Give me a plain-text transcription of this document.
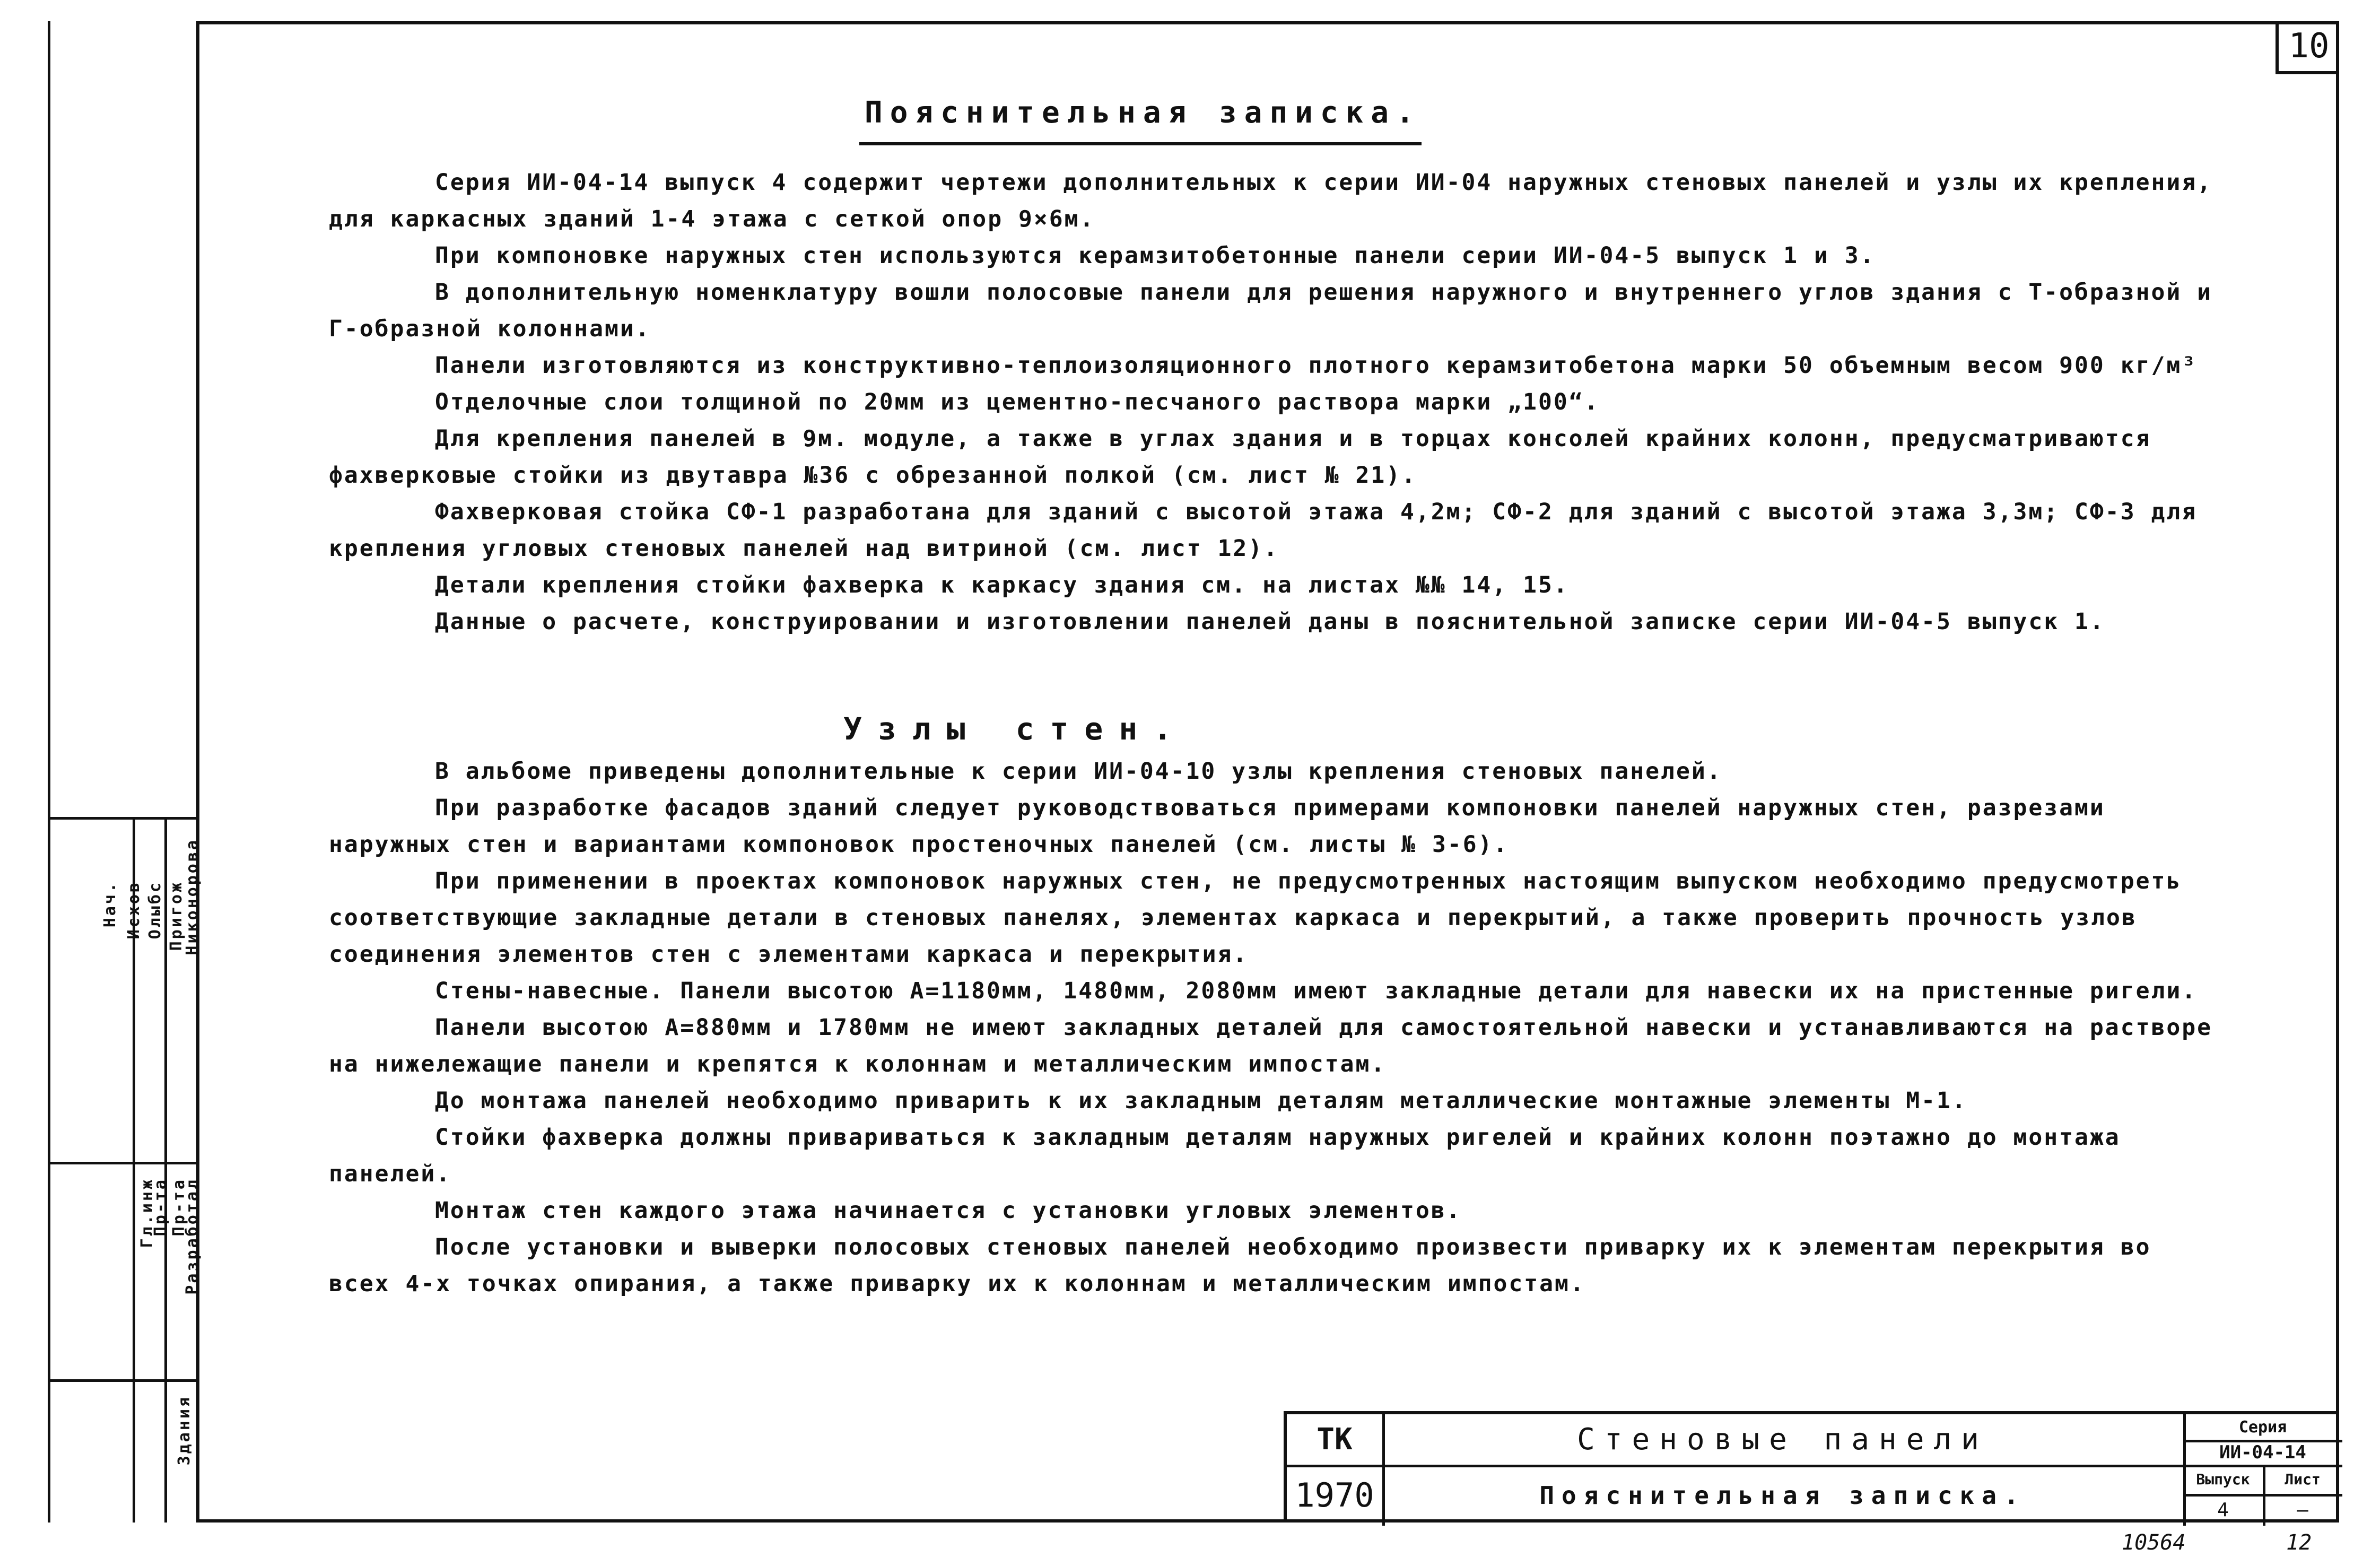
Нач. Исхов Олыбс Пригож
Никонорова
Гл.инж
Пр-та Пр-та
Разработал
Здания
10
Пояснительная записка.

Серия ИИ-04-14 выпуск 4 содержит чертежи дополнительных к серии ИИ-04 наружных стеновых панелей и узлы их крепления, для каркасных зданий 1-4 этажа с сеткой опор 9×6м.

При компоновке наружных стен используются керамзитобетонные панели серии ИИ-04-5 выпуск 1 и 3.

В дополнительную номенклатуру вошли полосовые панели для решения наружного и внутреннего углов здания с Т-образной и Г-образной колоннами.

Панели изготовляются из конструктивно-теплоизоляционного плотного керамзитобетона марки 50 объемным весом 900 кг/м³

Отделочные слои толщиной по 20мм из цементно-песчаного раствора марки „100“.

Для крепления панелей в 9м. модуле, а также в углах здания и в торцах консолей крайних колонн, предусматриваются фахверковые стойки из двутавра №36 с обрезанной полкой (см. лист № 21).

Фахверковая стойка СФ-1 разработана для зданий с высотой этажа 4,2м; СФ-2 для зданий с высотой этажа 3,3м; СФ-3 для крепления угловых стеновых панелей над витриной (см. лист 12).

Детали крепления стойки фахверка к каркасу здания см. на листах №№ 14, 15.

Данные о расчете, конструировании и изготовлении панелей даны в пояснительной записке серии ИИ-04-5 выпуск 1.

Узлы стен.

В альбоме приведены дополнительные к серии ИИ-04-10 узлы крепления стеновых панелей.

При разработке фасадов зданий следует руководствоваться примерами компоновки панелей наружных стен, разрезами наружных стен и вариантами компоновок простеночных панелей (см. листы № 3-6).

При применении в проектах компоновок наружных стен, не предусмотренных настоящим выпуском необходимо предусмотреть соответствующие закладные детали в стеновых панелях, элементах каркаса и перекрытий, а также проверить прочность узлов соединения элементов стен с элементами каркаса и перекрытия.

Стены-навесные. Панели высотою А=1180мм, 1480мм, 2080мм имеют закладные детали для навески их на пристенные ригели.

Панели высотою А=880мм и 1780мм не имеют закладных деталей для самостоятельной навески и устанавливаются на растворе на нижележащие панели и крепятся к колоннам и металлическим импостам.

До монтажа панелей необходимо приварить к их закладным деталям металлические монтажные элементы М-1.

Стойки фахверка должны привариваться к закладным деталям наружных ригелей и крайних колонн поэтажно до монтажа панелей.

Монтаж стен каждого этажа начинается с установки угловых элементов.

После установки и выверки полосовых стеновых панелей необходимо произвести приварку их к элементам перекрытия во всех 4-х точках опирания, а также приварку их к колоннам и металлическим импостам.

ТК
1970
Стеновые панели
Пояснительная записка.
Серия
ИИ-04-14
Выпуск
4
Лист
—
10564	12
